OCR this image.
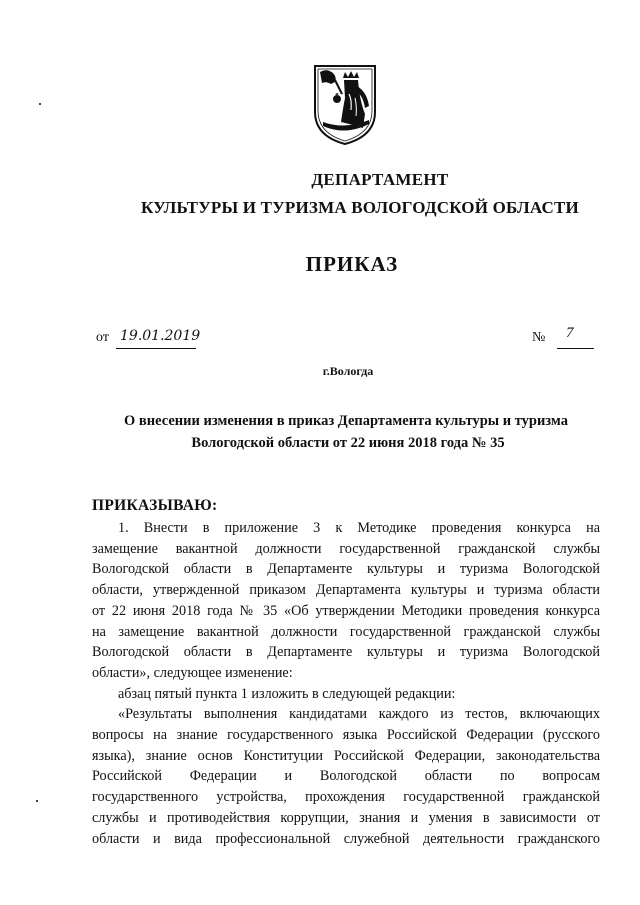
ДЕПАРТАМЕНТ
КУЛЬТУРЫ И ТУРИЗМА ВОЛОГОДСКОЙ ОБЛАСТИ
ПРИКАЗ
от 19.01.2019	№ 7
г.Вологда
О внесении изменения в приказ Департамента культуры и туризма
Вологодской области от 22 июня 2018 года № 35
ПРИКАЗЫВАЮ:
1. Внести в приложение 3 к Методике проведения конкурса на
замещение вакантной должности государственной гражданской службы
Вологодской области в Департаменте культуры и туризма Вологодской
области, утвержденной приказом Департамента культуры и туризма области
от 22 июня 2018 года № 35 «Об утверждении Методики проведения конкурса
на замещение вакантной должности государственной гражданской службы
Вологодской области в Департаменте культуры и туризма Вологодской
области», следующее изменение:
абзац пятый пункта 1 изложить в следующей редакции:
«Результаты выполнения кандидатами каждого из тестов, включающих
вопросы на знание государственного языка Российской Федерации (русского
языка), знание основ Конституции Российской Федерации, законодательства
Российской Федерации и Вологодской области по вопросам
государственного устройства, прохождения государственной гражданской
службы и противодействия коррупции, знания и умения в зависимости от
области и вида профессиональной служебной деятельности гражданского
